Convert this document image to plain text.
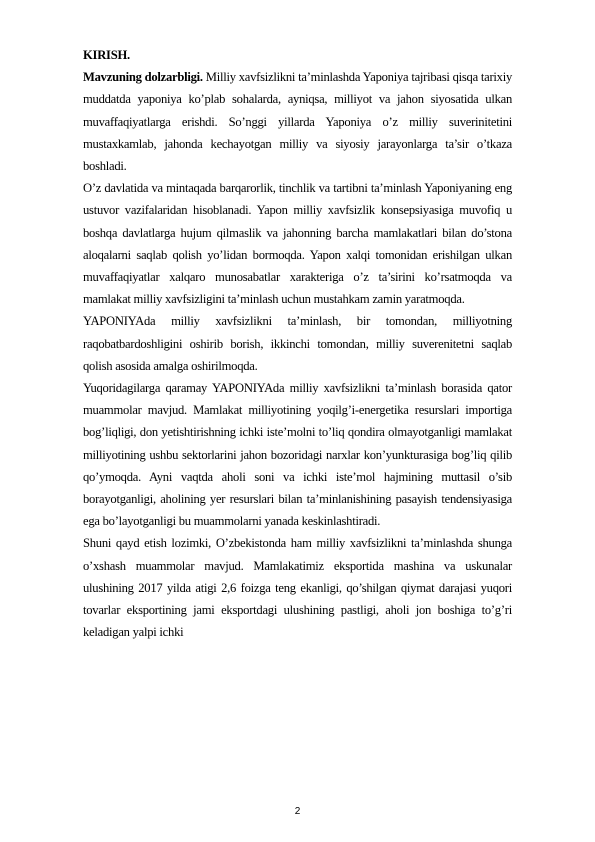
KIRISH.

Mavzuning dolzarbligi. Milliy xavfsizlikni ta’minlashda Yaponiya tajribasi qisqa tarixiy muddatda yaponiya ko’plab sohalarda, ayniqsa, milliyot va jahon siyosatida ulkan muvaffaqiyatlarga erishdi. So’nggi yillarda Yaponiya o’z milliy suverinitetini mustaxkamlab, jahonda kechayotgan milliy va siyosiy jarayonlarga ta’sir o’tkaza boshladi.

O’z davlatida va mintaqada barqarorlik, tinchlik va tartibni ta’minlash Yaponiyaning eng ustuvor vazifalaridan hisoblanadi. Yapon milliy xavfsizlik konsepsiyasiga muvofiq u boshqa davlatlarga hujum qilmaslik va jahonning barcha mamlakatlari bilan do’stona aloqalarni saqlab qolish yo’lidan bormoqda. Yapon xalqi tomonidan erishilgan ulkan muvaffaqiyatlar xalqaro munosabatlar xarakteriga o’z ta’sirini ko’rsatmoqda va mamlakat milliy xavfsizligini ta’minlash uchun mustahkam zamin yaratmoqda.

YAPONIYAda milliy xavfsizlikni ta’minlash, bir tomondan, milliyotning raqobatbardoshligini oshirib borish, ikkinchi tomondan, milliy suverenitetni saqlab qolish asosida amalga oshirilmoqda.

Yuqoridagilarga qaramay YAPONIYAda milliy xavfsizlikni ta’minlash borasida qator muammolar mavjud. Mamlakat milliyotining yoqilg’i-energetika resurslari importiga bog’liqligi, don yetishtirishning ichki iste’molni to’liq qondira olmayotganligi mamlakat milliyotining ushbu sektorlarini jahon bozoridagi narxlar kon’yunkturasiga bog’liq qilib qo’ymoqda. Ayni vaqtda aholi soni va ichki iste’mol hajmining muttasil o’sib borayotganligi, aholining yer resurslari bilan ta’minlanishining pasayish tendensiyasiga ega bo’layotganligi bu muammolarni yanada keskinlashtiradi.

Shuni qayd etish lozimki, O’zbekistonda ham milliy xavfsizlikni ta’minlashda shunga o’xshash muammolar mavjud. Mamlakatimiz eksportida mashina va uskunalar ulushining 2017 yilda atigi 2,6 foizga teng ekanligi, qo’shilgan qiymat darajasi yuqori tovarlar eksportining jami eksportdagi ulushining pastligi, aholi jon boshiga to’g’ri keladigan yalpi ichki

2
